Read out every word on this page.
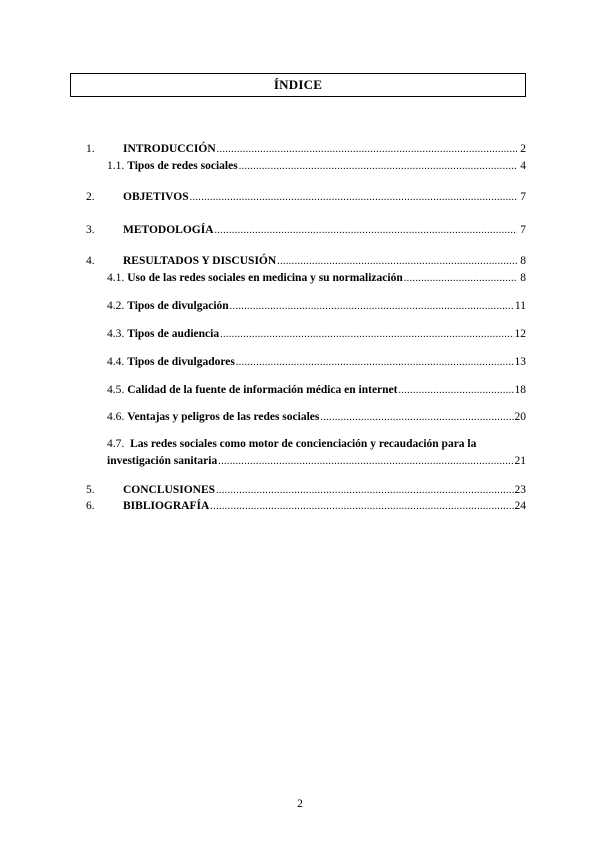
ÍNDICE
1.	INTRODUCCIÓN .....	2
1.1. Tipos de redes sociales .....	4
2.	OBJETIVOS .....	7
3.	METODOLOGÍA .....	7
4.	RESULTADOS Y DISCUSIÓN .....	8
4.1. Uso de las redes sociales en medicina y su normalización .....	8
4.2. Tipos de divulgación .....	11
4.3. Tipos de audiencia .....	12
4.4. Tipos de divulgadores .....	13
4.5. Calidad de la fuente de información médica en internet .....	18
4.6. Ventajas y peligros de las redes sociales .....	20
4.7. Las redes sociales como motor de concienciación y recaudación para la
investigación sanitaria .....	21
5.	CONCLUSIONES .....	23
6.	BIBLIOGRAFÍA .....	24
2
